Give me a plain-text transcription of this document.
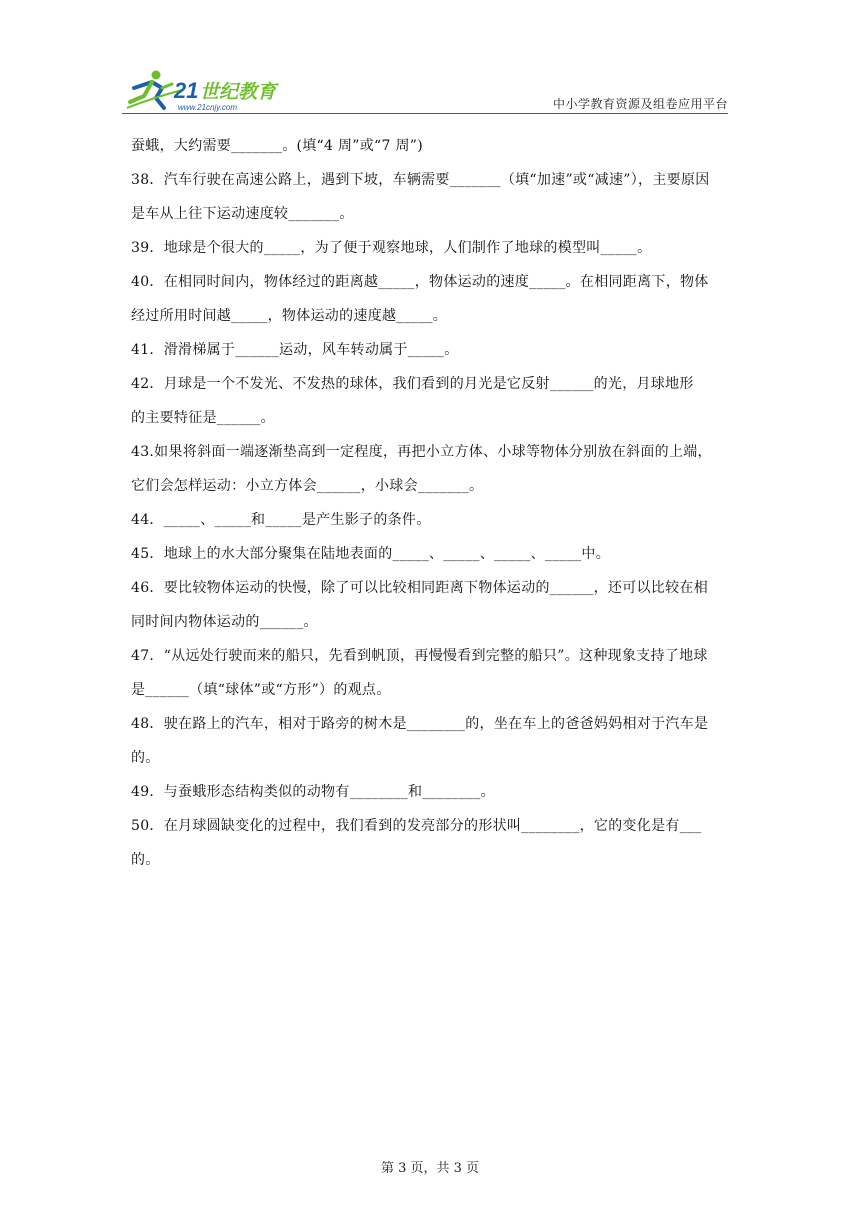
21 世纪教育
www.21cnjy.com	中小学教育资源及组卷应用平台
蚕蛾，大约需要_______。(填“4 周”或“7 周”)
38．汽车行驶在高速公路上，遇到下坡，车辆需要_______（填“加速”或“减速”），主要原因
是车从上往下运动速度较_______。
39．地球是个很大的_____，为了便于观察地球，人们制作了地球的模型叫_____。
40．在相同时间内，物体经过的距离越_____，物体运动的速度_____。在相同距离下，物体
经过所用时间越_____，物体运动的速度越_____。
41．滑滑梯属于______运动，风车转动属于_____。
42．月球是一个不发光、不发热的球体，我们看到的月光是它反射______的光，月球地形
的主要特征是______。
43.如果将斜面一端逐渐垫高到一定程度，再把小立方体、小球等物体分别放在斜面的上端，
它们会怎样运动：小立方体会______，小球会_______。
44．_____、_____和_____是产生影子的条件。
45．地球上的水大部分聚集在陆地表面的_____、_____、_____、_____中。
46．要比较物体运动的快慢，除了可以比较相同距离下物体运动的______，还可以比较在相
同时间内物体运动的______。
47．“从远处行驶而来的船只，先看到帆顶，再慢慢看到完整的船只”。这种现象支持了地球
是______（填“球体”或“方形”）的观点。
48．驶在路上的汽车，相对于路旁的树木是________的，坐在车上的爸爸妈妈相对于汽车是
的。
49．与蚕蛾形态结构类似的动物有________和________。
50．在月球圆缺变化的过程中，我们看到的发亮部分的形状叫________，它的变化是有___
的。
第 3 页，共 3 页
